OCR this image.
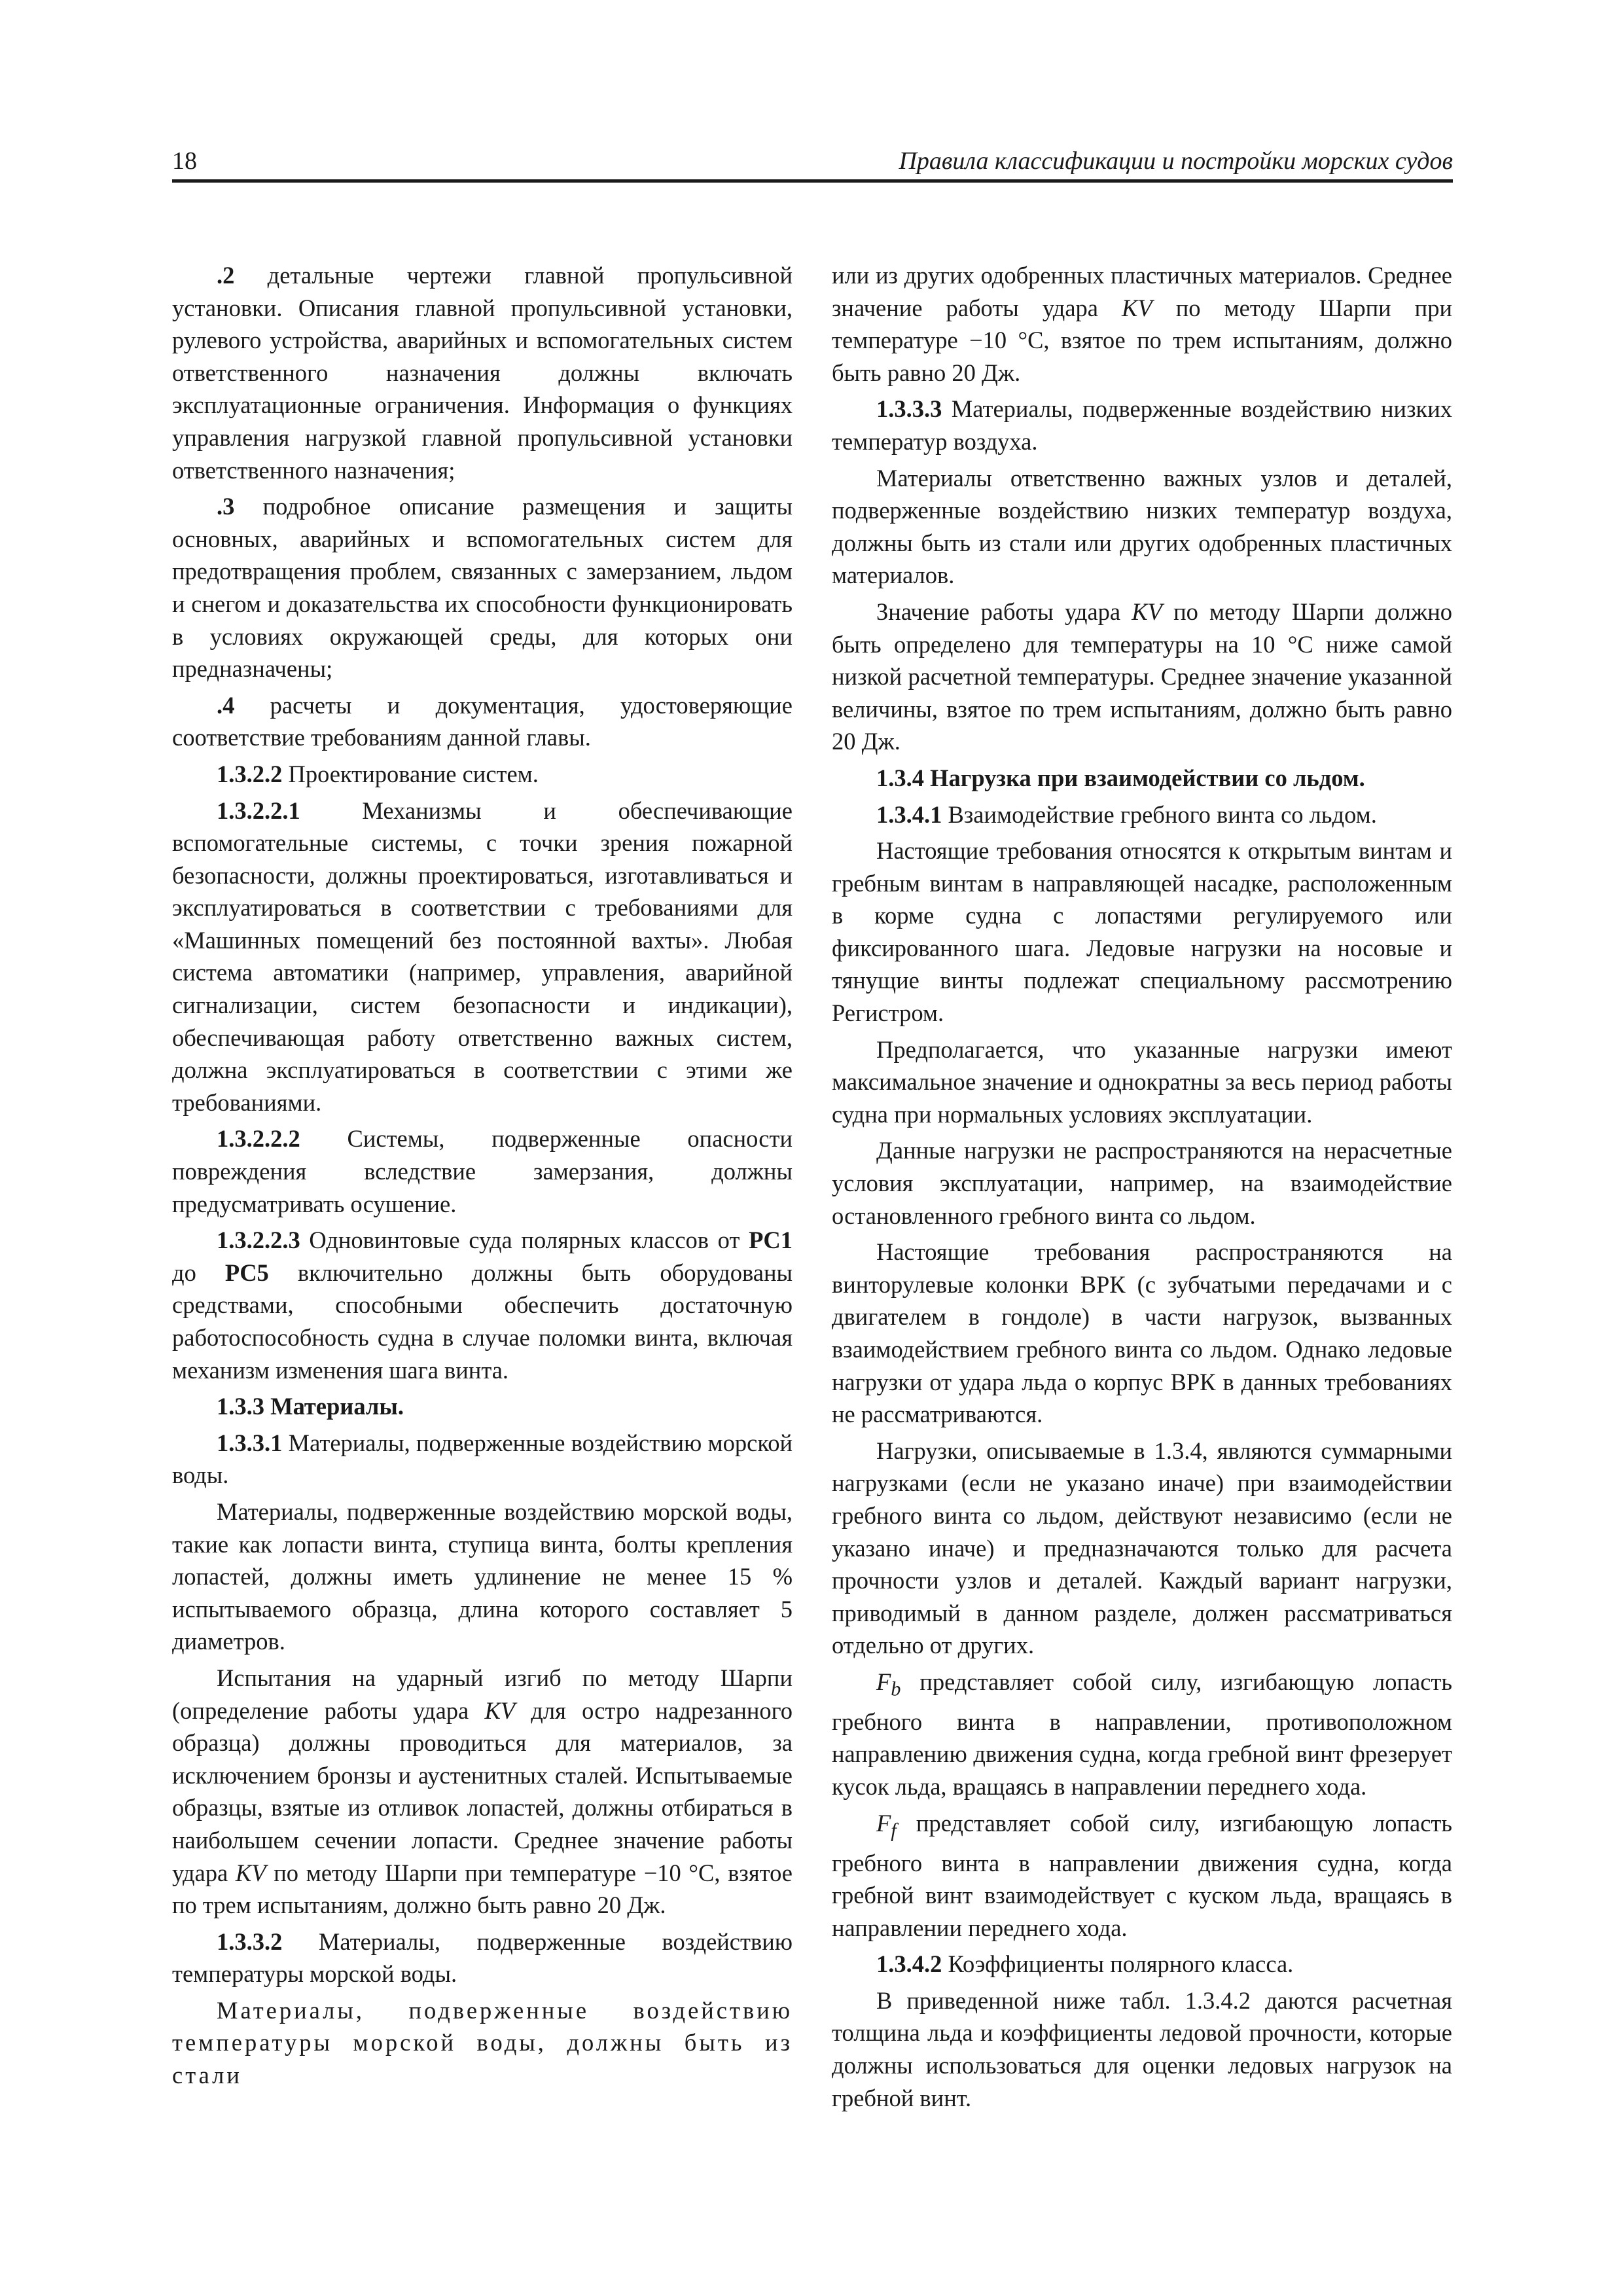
18	Правила классификации и постройки морских судов

.2 детальные чертежи главной пропульсивной установки. Описания главной пропульсивной установки, рулевого устройства, аварийных и вспомогательных систем ответственного назначения должны включать эксплуатационные ограничения. Информация о функциях управления нагрузкой главной пропульсивной установки ответственного назначения;

.3 подробное описание размещения и защиты основных, аварийных и вспомогательных систем для предотвращения проблем, связанных с замерзанием, льдом и снегом и доказательства их способности функционировать в условиях окружающей среды, для которых они предназначены;

.4 расчеты и документация, удостоверяющие соответствие требованиям данной главы.

1.3.2.2 Проектирование систем.

1.3.2.2.1 Механизмы и обеспечивающие вспомогательные системы, с точки зрения пожарной безопасности, должны проектироваться, изготавливаться и эксплуатироваться в соответствии с требованиями для «Машинных помещений без постоянной вахты». Любая система автоматики (например, управления, аварийной сигнализации, систем безопасности и индикации), обеспечивающая работу ответственно важных систем, должна эксплуатироваться в соответствии с этими же требованиями.

1.3.2.2.2 Системы, подверженные опасности повреждения вследствие замерзания, должны предусматривать осушение.

1.3.2.2.3 Одновинтовые суда полярных классов от PC1 до PC5 включительно должны быть оборудованы средствами, способными обеспечить достаточную работоспособность судна в случае поломки винта, включая механизм изменения шага винта.

1.3.3 Материалы.

1.3.3.1 Материалы, подверженные воздействию морской воды.

Материалы, подверженные воздействию морской воды, такие как лопасти винта, ступица винта, болты крепления лопастей, должны иметь удлинение не менее 15 % испытываемого образца, длина которого составляет 5 диаметров.

Испытания на ударный изгиб по методу Шарпи (определение работы удара KV для остро надрезанного образца) должны проводиться для материалов, за исключением бронзы и аустенитных сталей. Испытываемые образцы, взятые из отливок лопастей, должны отбираться в наибольшем сечении лопасти. Среднее значение работы удара KV по методу Шарпи при температуре −10 °С, взятое по трем испытаниям, должно быть равно 20 Дж.

1.3.3.2 Материалы, подверженные воздействию температуры морской воды.

Материалы, подверженные воздействию температуры морской воды, должны быть из стали

или из других одобренных пластичных материалов. Среднее значение работы удара KV по методу Шарпи при температуре −10 °С, взятое по трем испытаниям, должно быть равно 20 Дж.

1.3.3.3 Материалы, подверженные воздействию низких температур воздуха.

Материалы ответственно важных узлов и деталей, подверженные воздействию низких температур воздуха, должны быть из стали или других одобренных пластичных материалов.

Значение работы удара KV по методу Шарпи должно быть определено для температуры на 10 °С ниже самой низкой расчетной температуры. Среднее значение указанной величины, взятое по трем испытаниям, должно быть равно 20 Дж.

1.3.4 Нагрузка при взаимодействии со льдом.

1.3.4.1 Взаимодействие гребного винта со льдом.

Настоящие требования относятся к открытым винтам и гребным винтам в направляющей насадке, расположенным в корме судна с лопастями регулируемого или фиксированного шага. Ледовые нагрузки на носовые и тянущие винты подлежат специальному рассмотрению Регистром.

Предполагается, что указанные нагрузки имеют максимальное значение и однократны за весь период работы судна при нормальных условиях эксплуатации.

Данные нагрузки не распространяются на нерасчетные условия эксплуатации, например, на взаимодействие остановленного гребного винта со льдом.

Настоящие требования распространяются на винторулевые колонки ВРК (с зубчатыми передачами и с двигателем в гондоле) в части нагрузок, вызванных взаимодействием гребного винта со льдом. Однако ледовые нагрузки от удара льда о корпус ВРК в данных требованиях не рассматриваются.

Нагрузки, описываемые в 1.3.4, являются суммарными нагрузками (если не указано иначе) при взаимодействии гребного винта со льдом, действуют независимо (если не указано иначе) и предназначаются только для расчета прочности узлов и деталей. Каждый вариант нагрузки, приводимый в данном разделе, должен рассматриваться отдельно от других.

$F_b$ представляет собой силу, изгибающую лопасть гребного винта в направлении, противоположном направлению движения судна, когда гребной винт фрезерует кусок льда, вращаясь в направлении переднего хода.

$F_f$ представляет собой силу, изгибающую лопасть гребного винта в направлении движения судна, когда гребной винт взаимодействует с куском льда, вращаясь в направлении переднего хода.

1.3.4.2 Коэффициенты полярного класса.

В приведенной ниже табл. 1.3.4.2 даются расчетная толщина льда и коэффициенты ледовой прочности, которые должны использоваться для оценки ледовых нагрузок на гребной винт.
